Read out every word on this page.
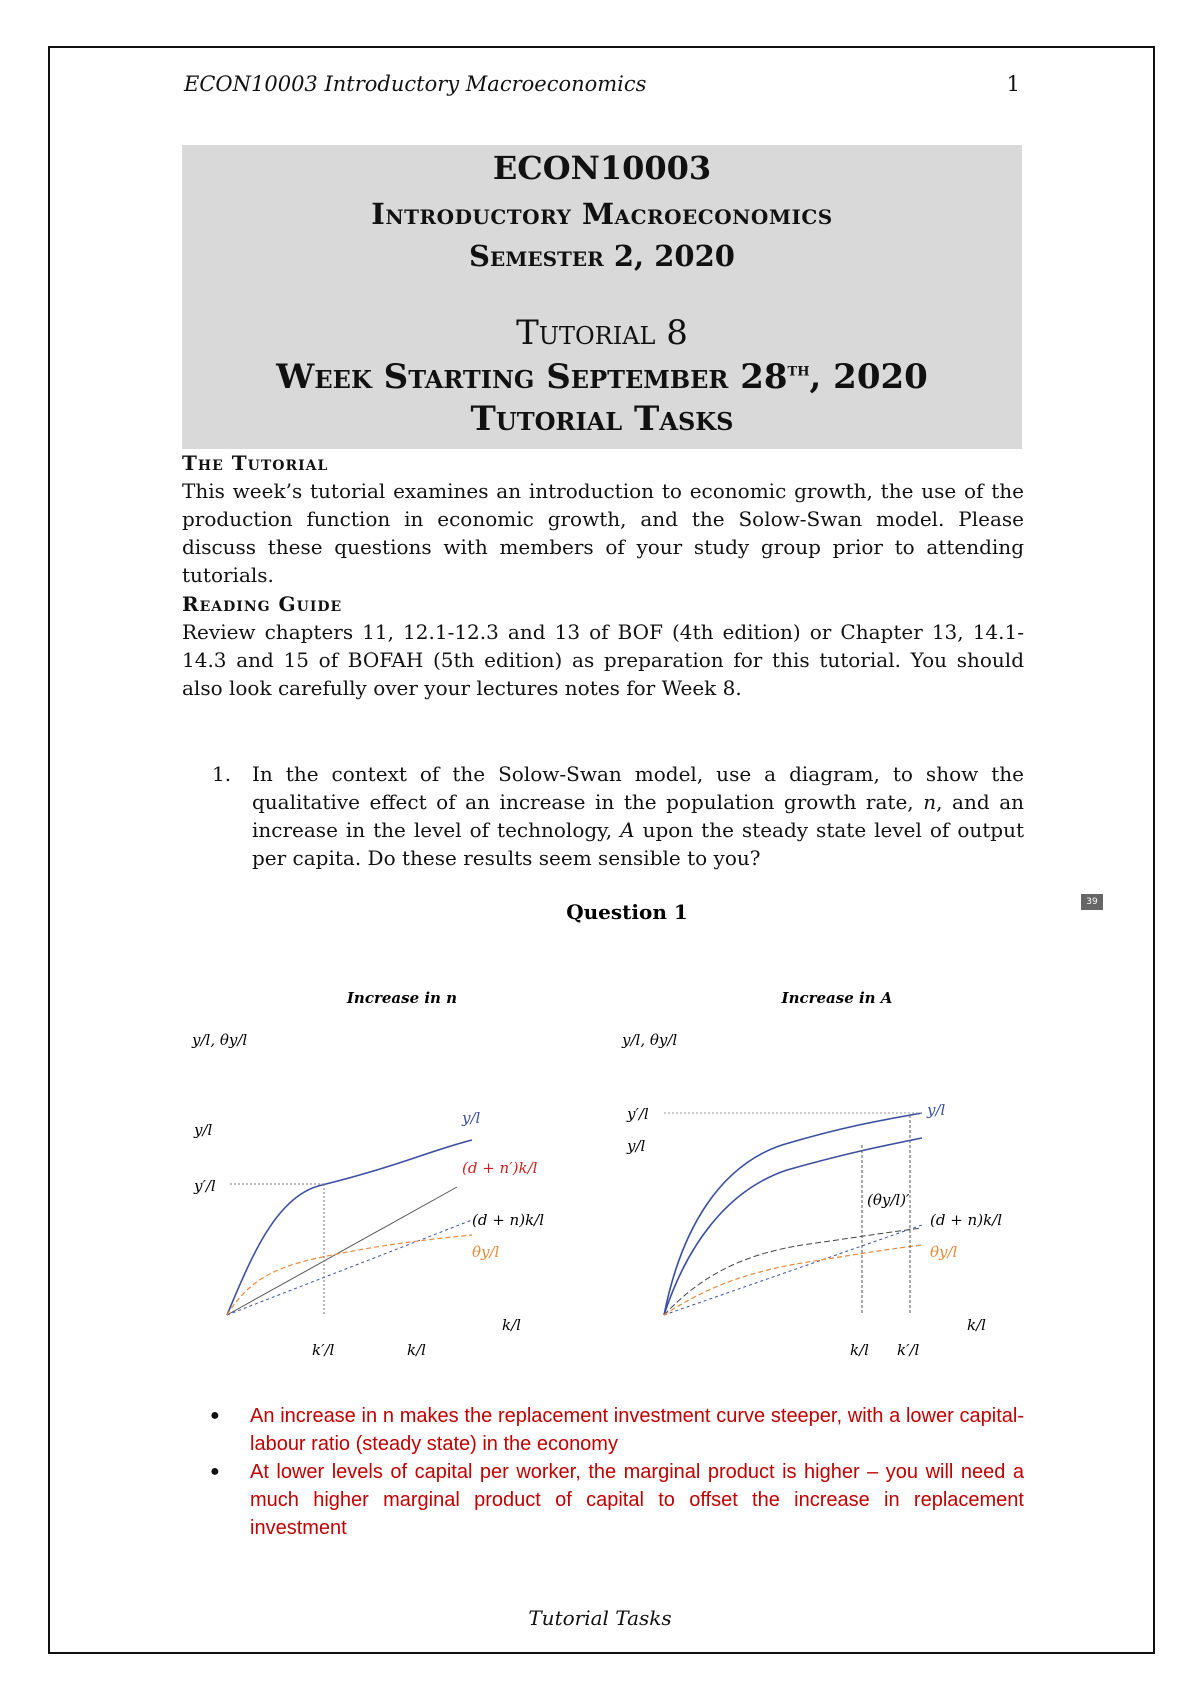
ECON10003 Introductory Macroeconomics	1
ECON10003
Introductory Macroeconomics
Semester 2, 2020
Tutorial 8
Week Starting September 28th, 2020
Tutorial Tasks
The Tutorial

This week’s tutorial examines an introduction to economic growth, the use of the production function in economic growth, and the Solow-Swan model. Please discuss these questions with members of your study group prior to attending tutorials.

Reading Guide

Review chapters 11, 12.1-12.3 and 13 of BOF (4th edition) or Chapter 13, 14.1-14.3 and 15 of BOFAH (5th edition) as preparation for this tutorial. You should also look carefully over your lectures notes for Week 8.

1.	In the context of the Solow-Swan model, use a diagram, to show the qualitative effect of an increase in the population growth rate, n, and an increase in the level of technology, A upon the steady state level of output per capita. Do these results seem sensible to you?
39
Question 1
Increase in n
y/l, θy/l
y/l
y′/l
y/l
(d + n′)k/l
(d + n)k/l
θy/l
k′/l	k/l
k/l
Increase in A
y/l, θy/l
y′/l
y/l
y/l
(θy/l)′
(d + n)k/l
θy/l
k/l k′/l
k/l
●	An increase in n makes the replacement investment curve steeper, with a lower capital-labour ratio (steady state) in the economy
●	At lower levels of capital per worker, the marginal product is higher – you will need a much higher marginal product of capital to offset the increase in replacement investment
Tutorial Tasks
